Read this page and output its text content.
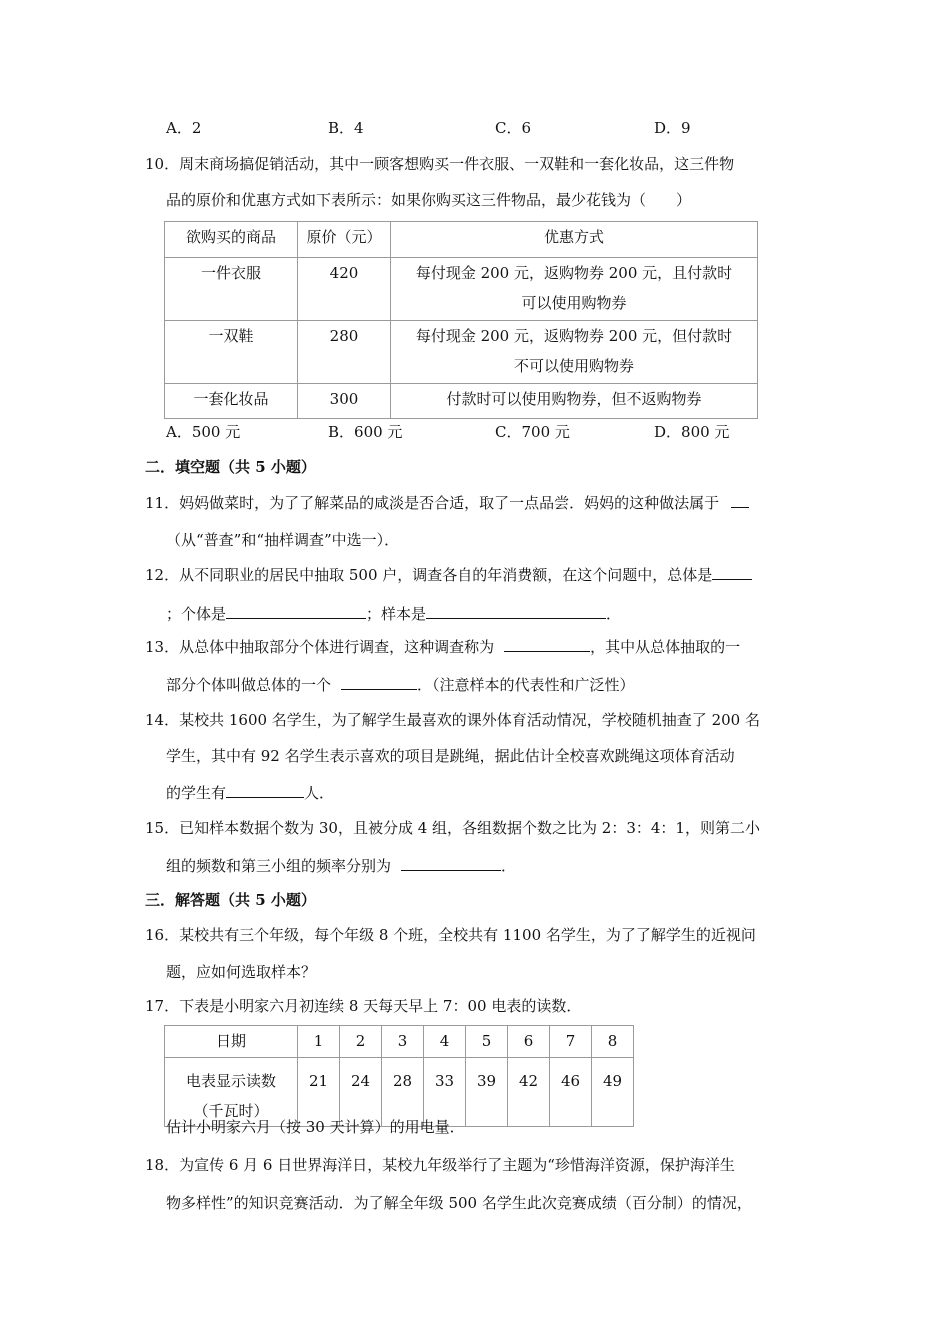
A．2	B．4	C．6	D．9
10．周末商场搞促销活动，其中一顾客想购买一件衣服、一双鞋和一套化妆品，这三件物
品的原价和优惠方式如下表所示：如果你购买这三件物品，最少花钱为（　　）
欲购买的商品	原价（元）	优惠方式
一件衣服	420	每付现金 200 元，返购物券 200 元，且付款时
可以使用购物券

一双鞋	280	每付现金 200 元，返购物券 200 元，但付款时
不可以使用购物券

一套化妆品	300	付款时可以使用购物券，但不返购物券
A．500 元	B．600 元	C．700 元	D．800 元
二．填空题（共 5 小题）
11．妈妈做菜时，为了了解菜品的咸淡是否合适，取了一点品尝．妈妈的这种做法属于
（从“普查”和“抽样调查”中选一）．
12．从不同职业的居民中抽取 500 户，调查各自的年消费额，在这个问题中，总体是
；个体是	；样本是	．
13．从总体中抽取部分个体进行调查，这种调查称为	，其中从总体抽取的一
部分个体叫做总体的一个	．（注意样本的代表性和广泛性）
14．某校共 1600 名学生，为了解学生最喜欢的课外体育活动情况，学校随机抽查了 200 名
学生，其中有 92 名学生表示喜欢的项目是跳绳，据此估计全校喜欢跳绳这项体育活动
的学生有	人．
15．已知样本数据个数为 30，且被分成 4 组，各组数据个数之比为 2：3：4：1，则第二小
组的频数和第三小组的频率分别为	．
三．解答题（共 5 小题）
16．某校共有三个年级，每个年级 8 个班，全校共有 1100 名学生，为了了解学生的近视问
题，应如何选取样本？
17．下表是小明家六月初连续 8 天每天早上 7：00 电表的读数．
日期	1	2	3	4	5	6	7	8

电表显示读数
（千瓦时）	21	24	28	33	39	42	46	49
估计小明家六月（按 30 天计算）的用电量．
18．为宣传 6 月 6 日世界海洋日，某校九年级举行了主题为“珍惜海洋资源，保护海洋生
物多样性”的知识竞赛活动．为了解全年级 500 名学生此次竞赛成绩（百分制）的情况，
